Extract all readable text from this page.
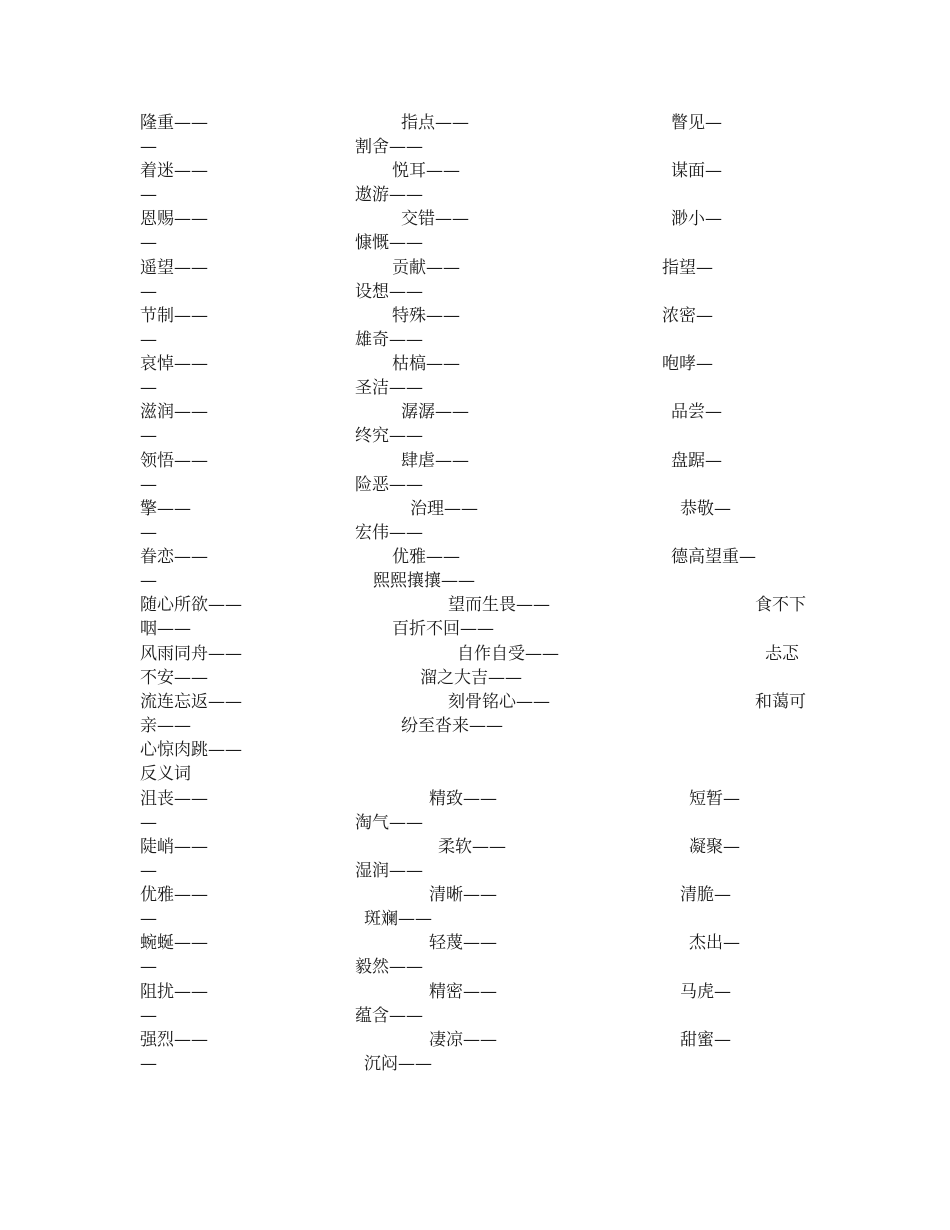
隆重——	指点——	瞥见—
—	割舍——
着迷——	悦耳——	谋面—
—	遨游——
恩赐——	交错——	渺小—
—	慷慨——
遥望——	贡献——	指望—
—	设想——
节制——	特殊——	浓密—
—	雄奇——
哀悼——	枯槁——	咆哮—
—	圣洁——
滋润——	潺潺——	品尝—
—	终究——
领悟——	肆虐——	盘踞—
—	险恶——
擎——	治理——	恭敬—
—	宏伟——
眷恋——	优雅——	德高望重—
—	熙熙攘攘——
随心所欲——	望而生畏——	食不下
咽——	百折不回——
风雨同舟——	自作自受——	忐忑
不安——	溜之大吉——
流连忘返——	刻骨铭心——	和蔼可
亲——	纷至沓来——
心惊肉跳——
反义词
沮丧——	精致——	短暂—
—	淘气——
陡峭——	柔软——	凝聚—
—	湿润——
优雅——	清晰——	清脆—
—	斑斓——
蜿蜒——	轻蔑——	杰出—
—	毅然——
阻扰——	精密——	马虎—
—	蕴含——
强烈——	凄凉——	甜蜜—
—	沉闷——
